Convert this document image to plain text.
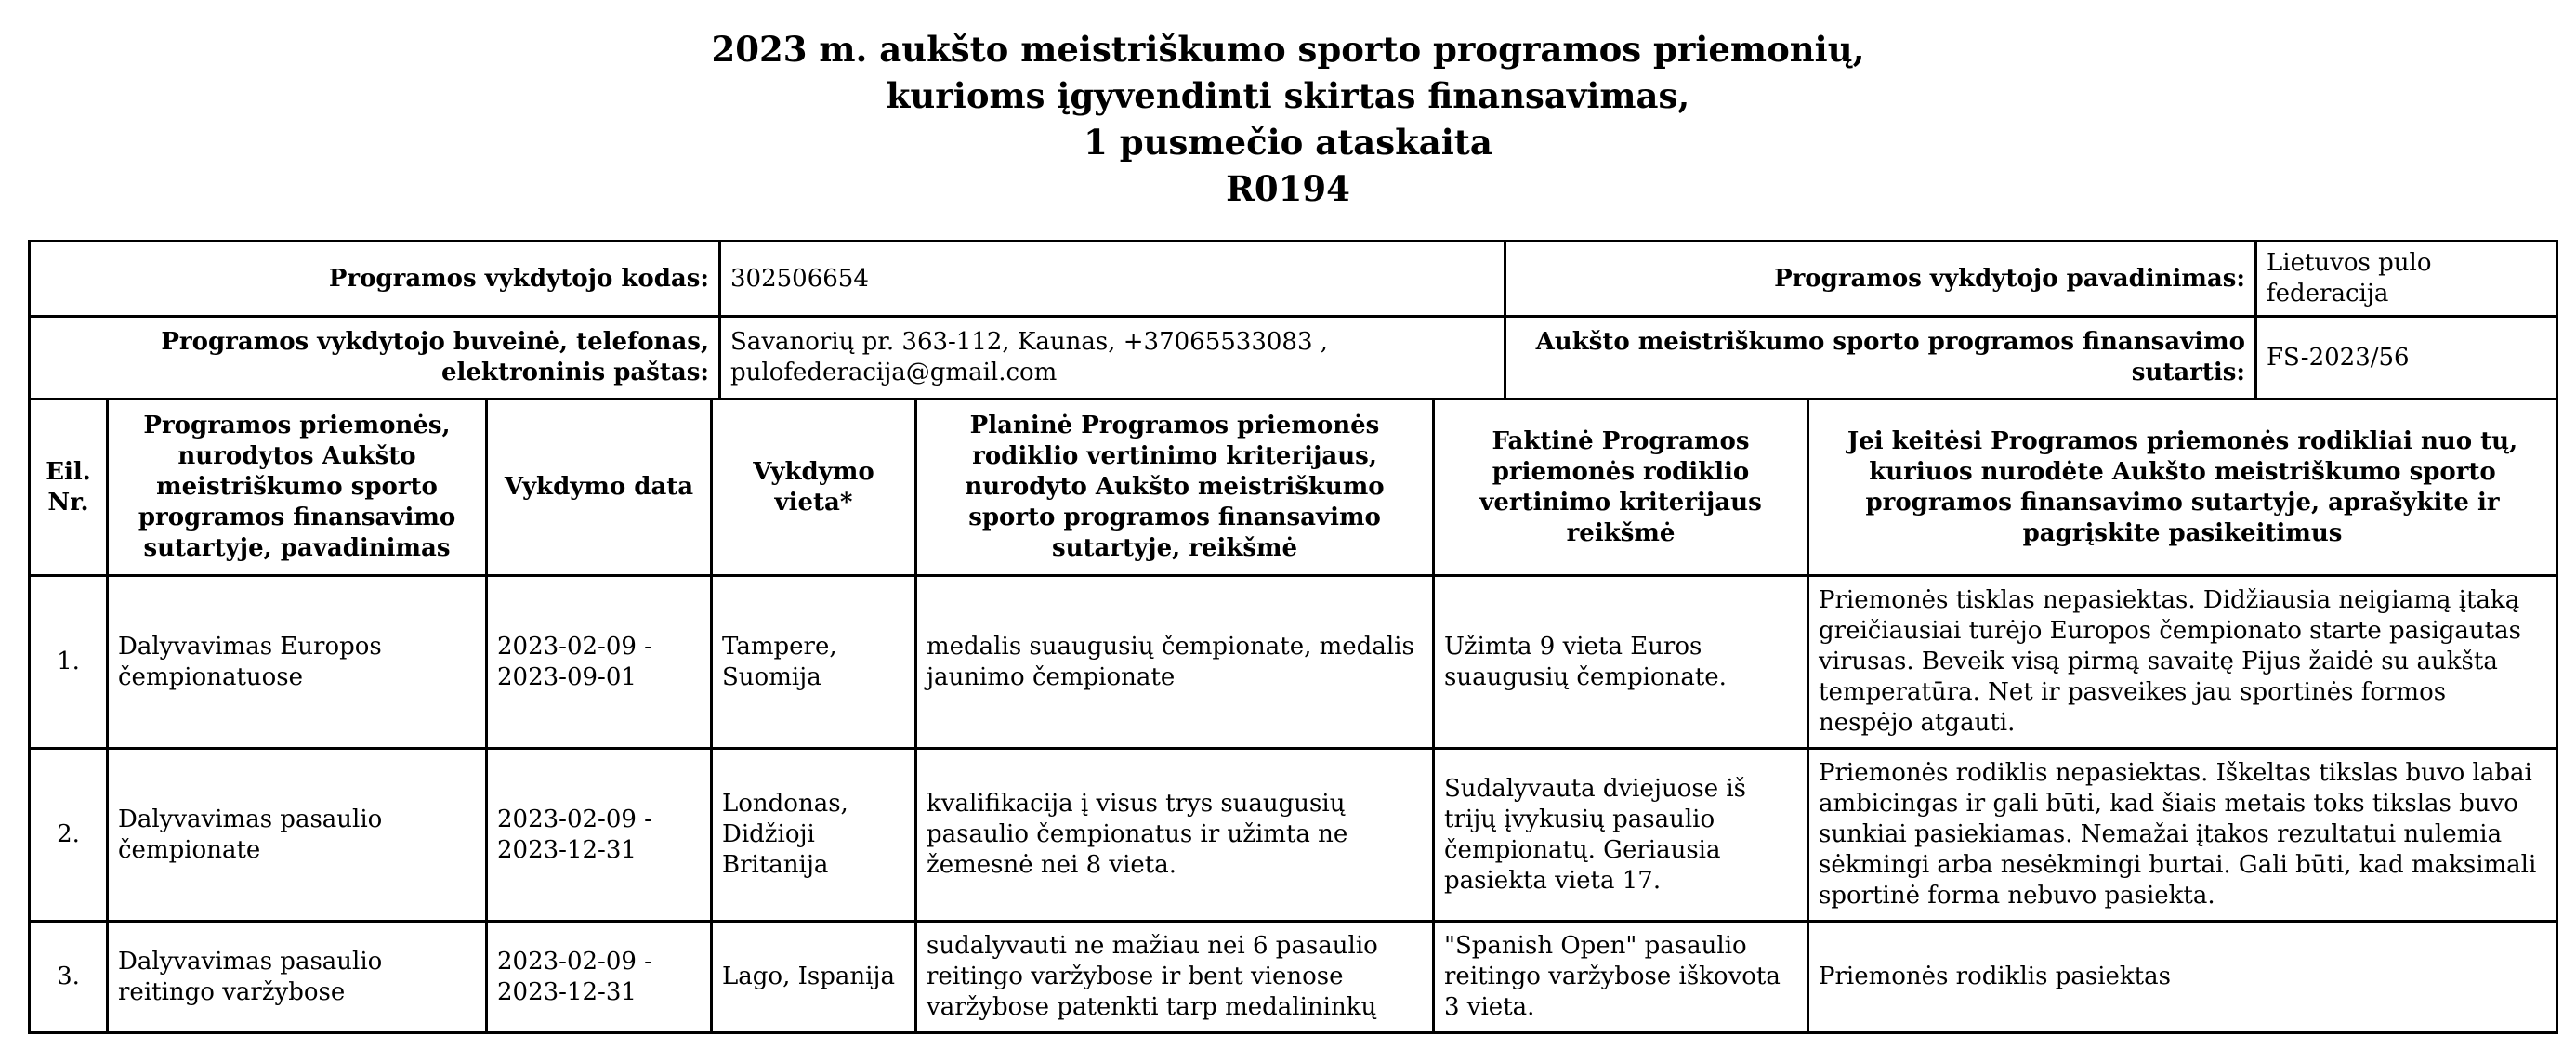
2023 m. aukšto meistriškumo sporto programos priemonių,
kurioms įgyvendinti skirtas finansavimas,
1 pusmečio ataskaita
R0194
Programos vykdytojo kodas:	302506654	Programos vykdytojo pavadinimas:	Lietuvos pulo federacija
Programos vykdytojo buveinė, telefonas, elektroninis paštas:	Savanorių pr. 363-112, Kaunas, +37065533083 , pulofederacija@gmail.com	Aukšto meistriškumo sporto programos finansavimo sutartis:	FS-2023/56
Eil. Nr.	Programos priemonės, nurodytos Aukšto meistriškumo sporto programos finansavimo sutartyje, pavadinimas	Vykdymo data	Vykdymo vieta*	Planinė Programos priemonės rodiklio vertinimo kriterijaus, nurodyto Aukšto meistriškumo sporto programos finansavimo sutartyje, reikšmė	Faktinė Programos priemonės rodiklio vertinimo kriterijaus reikšmė	Jei keitėsi Programos priemonės rodikliai nuo tų, kuriuos nurodėte Aukšto meistriškumo sporto programos finansavimo sutartyje, aprašykite ir pagrįskite pasikeitimus
1.	Dalyvavimas Europos čempionatuose	2023-02-09 - 2023-09-01	Tampere, Suomija	medalis suaugusių čempionate, medalis jaunimo čempionate	Užimta 9 vieta Euros suaugusių čempionate.	Priemonės tisklas nepasiektas. Didžiausia neigiamą įtaką greičiausiai turėjo Europos čempionato starte pasigautas virusas. Beveik visą pirmą savaitę Pijus žaidė su aukšta temperatūra. Net ir pasveikes jau sportinės formos nespėjo atgauti.
2.	Dalyvavimas pasaulio čempionate	2023-02-09 - 2023-12-31	Londonas, Didžioji Britanija	kvalifikacija į visus trys suaugusių pasaulio čempionatus ir užimta ne žemesnė nei 8 vieta.	Sudalyvauta dviejuose iš trijų įvykusių pasaulio čempionatų. Geriausia pasiekta vieta 17.	Priemonės rodiklis nepasiektas. Iškeltas tikslas buvo labai ambicingas ir gali būti, kad šiais metais toks tikslas buvo sunkiai pasiekiamas. Nemažai įtakos rezultatui nulemia sėkmingi arba nesėkmingi burtai. Gali būti, kad maksimali sportinė forma nebuvo pasiekta.
3.	Dalyvavimas pasaulio reitingo varžybose	2023-02-09 - 2023-12-31	Lago, Ispanija	sudalyvauti ne mažiau nei 6 pasaulio reitingo varžybose ir bent vienose varžybose patenkti tarp medalininkų	"Spanish Open" pasaulio reitingo varžybose iškovota 3 vieta.	Priemonės rodiklis pasiektas
